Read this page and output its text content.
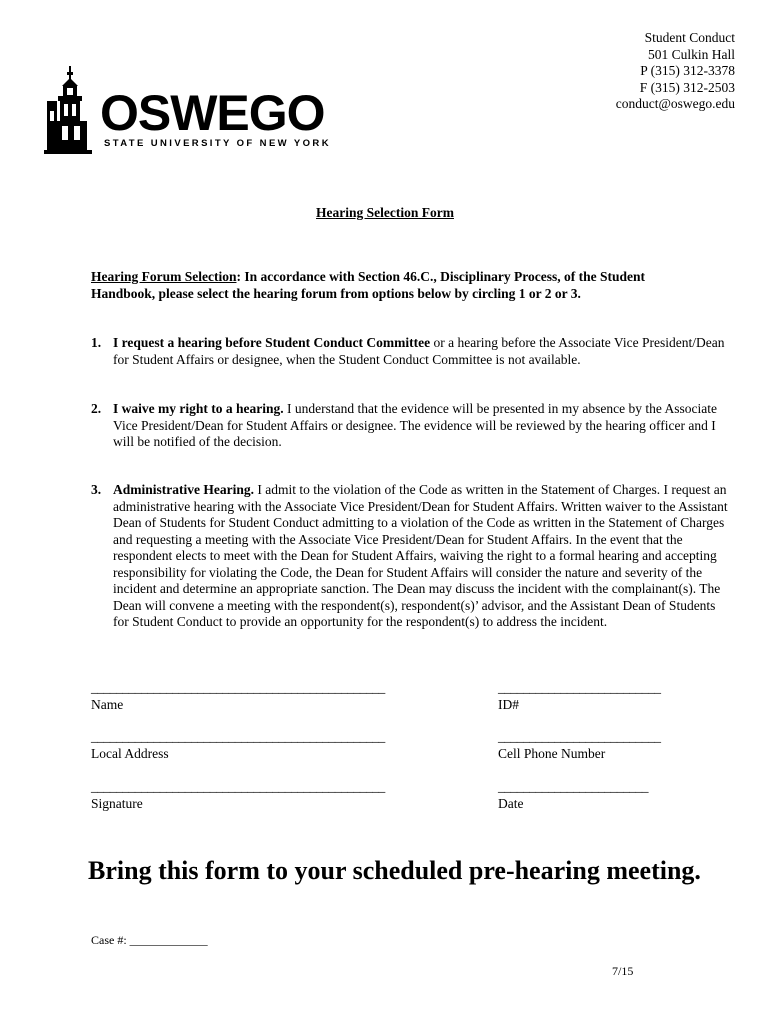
Student Conduct
501 Culkin Hall
P (315) 312-3378
F (315) 312-2503
conduct@oswego.edu
OSWEGO
STATE UNIVERSITY OF NEW YORK
Hearing Selection Form
Hearing Forum Selection: In accordance with Section 46.C., Disciplinary Process, of the Student Handbook, please select the hearing forum from options below by circling 1 or 2 or 3.
1. I request a hearing before Student Conduct Committee or a hearing before the Associate Vice President/Dean for Student Affairs or designee, when the Student Conduct Committee is not available.
2. I waive my right to a hearing. I understand that the evidence will be presented in my absence by the Associate Vice President/Dean for Student Affairs or designee. The evidence will be reviewed by the hearing officer and I will be notified of the decision.
3. Administrative Hearing. I admit to the violation of the Code as written in the Statement of Charges. I request an administrative hearing with the Associate Vice President/Dean for Student Affairs. Written waiver to the Assistant Dean of Students for Student Conduct admitting to a violation of the Code as written in the Statement of Charges and requesting a meeting with the Associate Vice President/Dean for Student Affairs. In the event that the respondent elects to meet with the Dean for Student Affairs, waiving the right to a formal hearing and accepting responsibility for violating the Code, the Dean for Student Affairs will consider the nature and severity of the incident and determine an appropriate sanction. The Dean may discuss the incident with the complainant(s). The Dean will convene a meeting with the respondent(s), respondent(s)’ advisor, and the Assistant Dean of Students for Student Conduct to provide an opportunity for the respondent(s) to address the incident.
_______________________________________________
Name
__________________________
ID#
_______________________________________________
Local Address
__________________________
Cell Phone Number
_______________________________________________
Signature
________________________
Date
Bring this form to your scheduled pre-hearing meeting.
Case #: _____________
7/15
